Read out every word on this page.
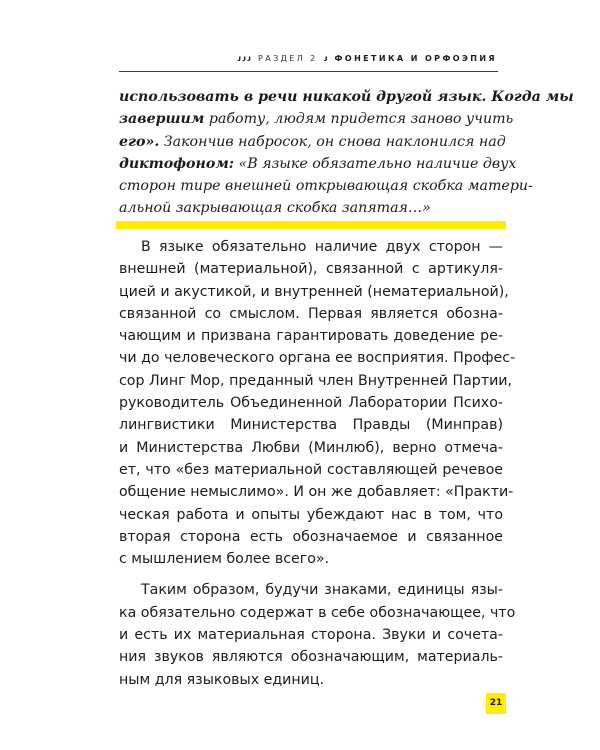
ᴊᴊᴊ РАЗДЕЛ 2 ᴊ ФОНЕТИКА И ОРФОЭПИЯ
использовать в речи никакой другой язык. Когда мы
завершим работу, людям придется заново учить
его». Закончив набросок, он снова наклонился над
диктофоном: «В языке обязательно наличие двух
сторон тире внешней открывающая скобка матери-
альной закрывающая скобка запятая…»
В языке обязательно наличие двух сторон —
внешней (материальной), связанной с артикуля-
цией и акустикой, и внутренней (нематериальной),
связанной со смыслом. Первая является обозна-
чающим и призвана гарантировать доведение ре-
чи до человеческого органа ее восприятия. Профес-
сор Линг Мор, преданный член Внутренней Партии,
руководитель Объединенной Лаборатории Психо-
лингвистики Министерства Правды (Минправ)
и Министерства Любви (Минлюб), верно отмеча-
ет, что «без материальной составляющей речевое
общение немыслимо». И он же добавляет: «Практи-
ческая работа и опыты убеждают нас в том, что
вторая сторона есть обозначаемое и связанное
с мышлением более всего».
Таким образом, будучи знаками, единицы язы-
ка обязательно содержат в себе обозначающее, что
и есть их материальная сторона. Звуки и сочета-
ния звуков являются обозначающим, материаль-
ным для языковых единиц.
21
